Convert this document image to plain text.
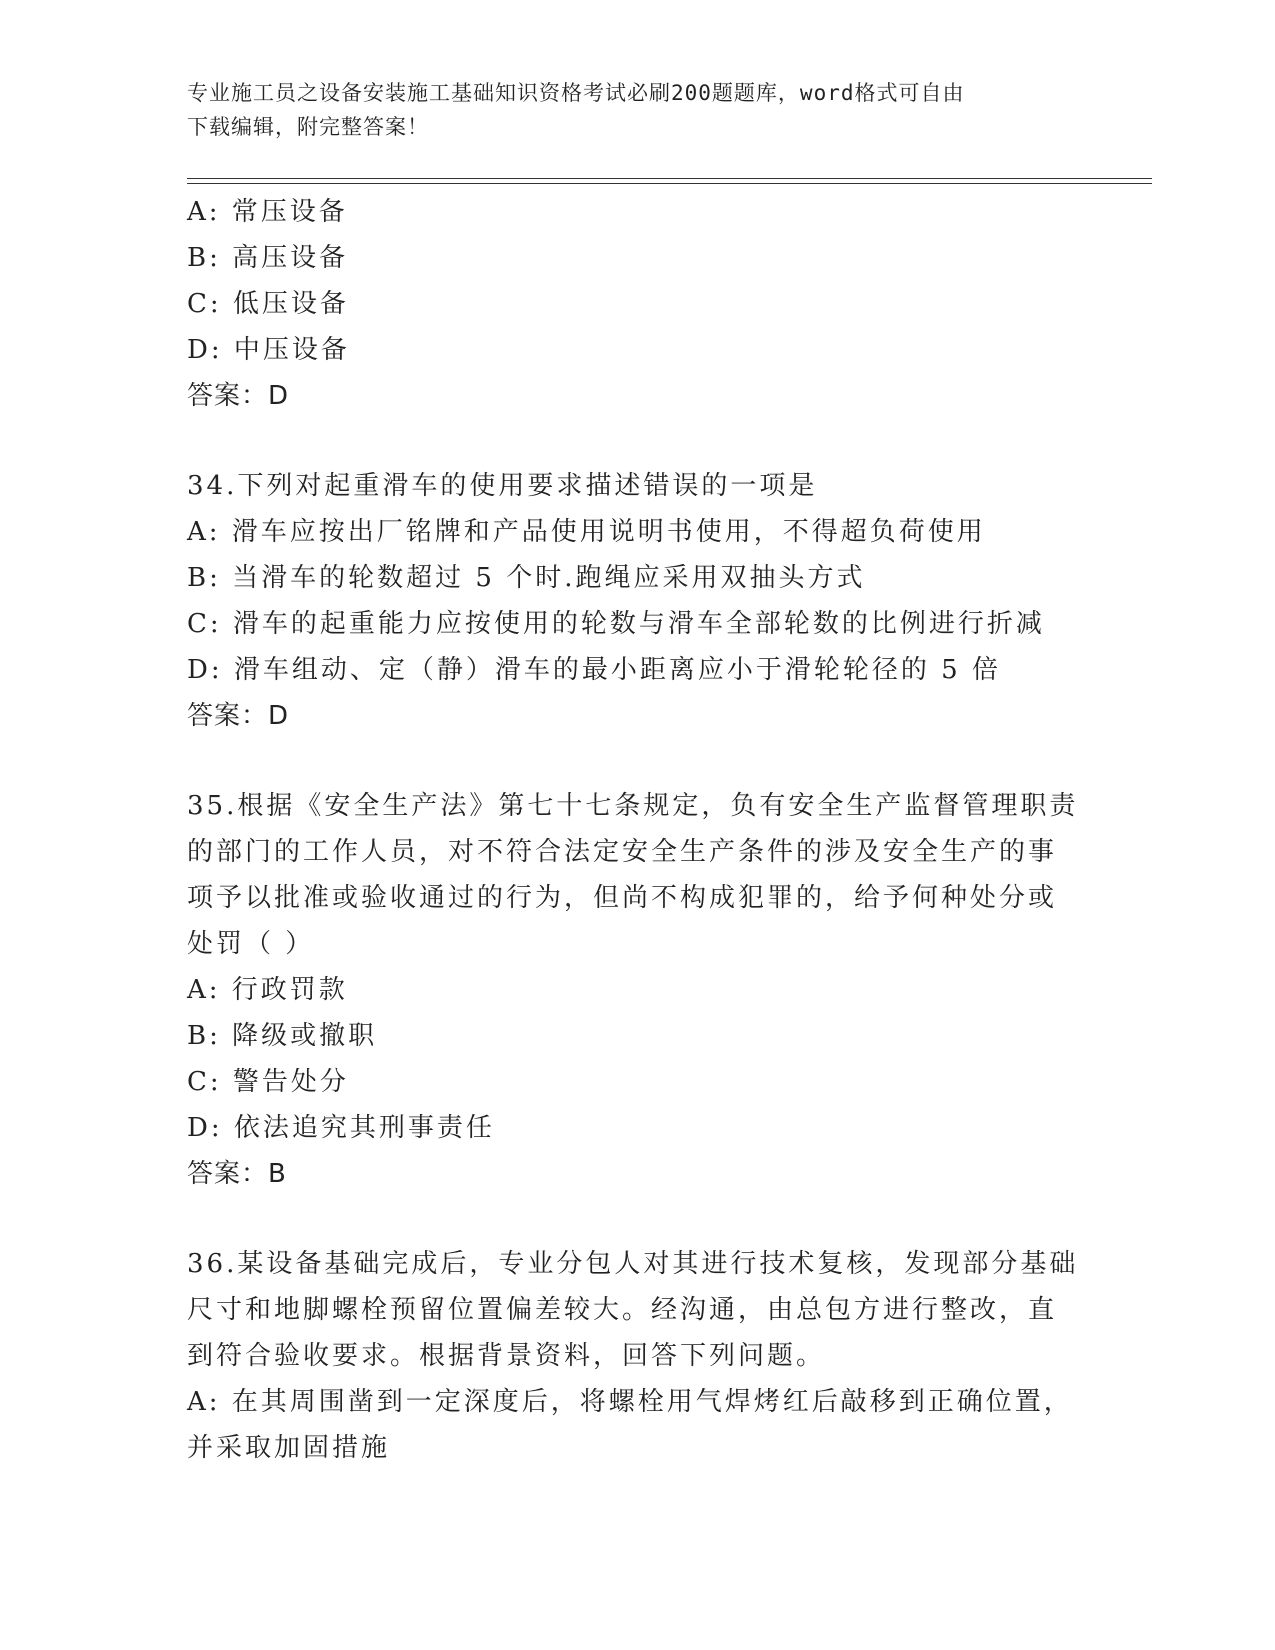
专业施工员之设备安装施工基础知识资格考试必刷200题题库，word格式可自由
下载编辑，附完整答案！

A: 常压设备

B: 高压设备

C: 低压设备

D: 中压设备

答案：D

34.下列对起重滑车的使用要求描述错误的一项是

A: 滑车应按出厂铭牌和产品使用说明书使用，不得超负荷使用

B: 当滑车的轮数超过 5 个时.跑绳应采用双抽头方式

C: 滑车的起重能力应按使用的轮数与滑车全部轮数的比例进行折减

D: 滑车组动、定（静）滑车的最小距离应小于滑轮轮径的 5 倍

答案：D

35.根据《安全生产法》第七十七条规定，负有安全生产监督管理职责

的部门的工作人员，对不符合法定安全生产条件的涉及安全生产的事

项予以批准或验收通过的行为，但尚不构成犯罪的，给予何种处分或

处罚（ ）

A: 行政罚款

B: 降级或撤职

C: 警告处分

D: 依法追究其刑事责任

答案：B

36.某设备基础完成后，专业分包人对其进行技术复核，发现部分基础

尺寸和地脚螺栓预留位置偏差较大。经沟通，由总包方进行整改，直

到符合验收要求。根据背景资料，回答下列问题。

A: 在其周围凿到一定深度后，将螺栓用气焊烤红后敲移到正确位置，

并采取加固措施
